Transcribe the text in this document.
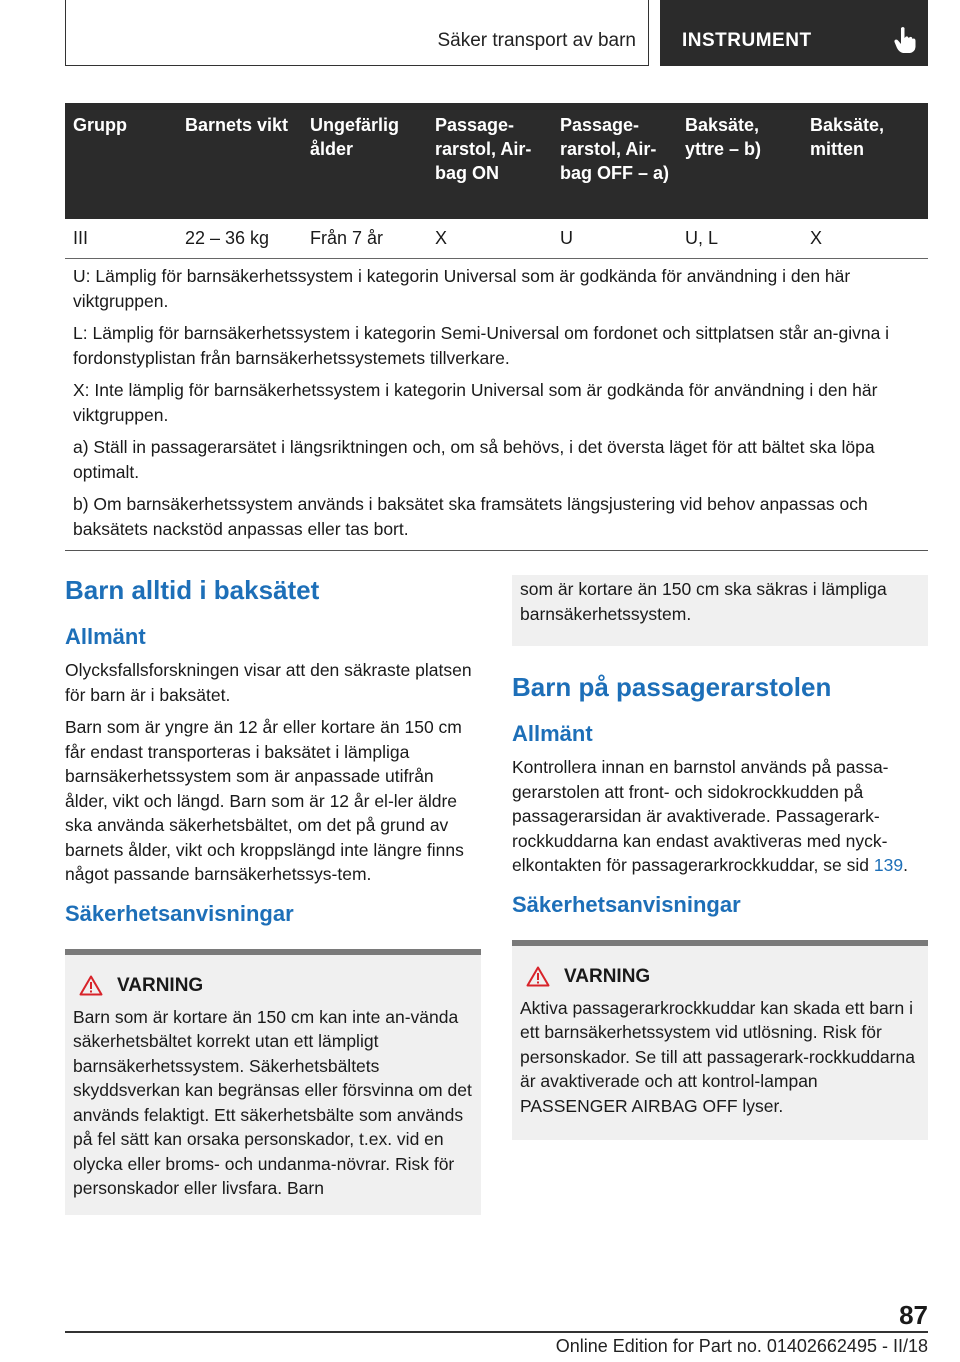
Säker transport av barn INSTRUMENT
Grupp	Barnets vikt	Ungefärlig ålder	Passage-rarstol, Air-bag ON	Passage-rarstol, Air-bag OFF – a)	Baksäte, yttre – b)	Baksäte, mitten
III	22 – 36 kg	Från 7 år	X	U	U, L	X

U: Lämplig för barnsäkerhetssystem i kategorin Universal som är godkända för användning i den här viktgruppen.

L: Lämplig för barnsäkerhetssystem i kategorin Semi-Universal om fordonet och sittplatsen står an-givna i fordonstyplistan från barnsäkerhetssystemets tillverkare.

X: Inte lämplig för barnsäkerhetssystem i kategorin Universal som är godkända för användning i den här viktgruppen.

a) Ställ in passagerarsätet i längsriktningen och, om så behövs, i det översta läget för att bältet ska löpa optimalt.

b) Om barnsäkerhetssystem används i baksätet ska framsätets längsjustering vid behov anpassas och baksätets nackstöd anpassas eller tas bort.

Barn alltid i baksätet
Allmänt

Olycksfallsforskningen visar att den säkraste platsen för barn är i baksätet.

Barn som är yngre än 12 år eller kortare än 150 cm får endast transporteras i baksätet i lämpliga barnsäkerhetssystem som är anpassade utifrån ålder, vikt och längd. Barn som är 12 år el-ler äldre ska använda säkerhetsbältet, om det på grund av barnets ålder, vikt och kroppslängd inte längre finns något passande barnsäkerhetssys-tem.

Säkerhetsanvisningar
VARNING

Barn som är kortare än 150 cm kan inte an-vända säkerhetsbältet korrekt utan ett lämpligt barnsäkerhetssystem. Säkerhetsbältets skyddsverkan kan begränsas eller försvinna om det används felaktigt. Ett säkerhetsbälte som används på fel sätt kan orsaka personskador, t.ex. vid en olycka eller broms- och undanma-növrar. Risk för personskador eller livsfara. Barn

som är kortare än 150 cm ska säkras i lämpliga barnsäkerhetssystem.

Barn på passagerarstolen
Allmänt

Kontrollera innan en barnstol används på passa-gerarstolen att front- och sidokrockkudden på passagerarsidan är avaktiverade. Passagerark-rockkuddarna kan endast avaktiveras med nyck-elkontakten för passagerarkrockkuddar, se sid 139.

Säkerhetsanvisningar
VARNING

Aktiva passagerarkrockkuddar kan skada ett barn i ett barnsäkerhetssystem vid utlösning. Risk för personskador. Se till att passagerark-rockkuddarna är avaktiverade och att kontrol-lampan PASSENGER AIRBAG OFF lyser.

87
Online Edition for Part no. 01402662495 - II/18
